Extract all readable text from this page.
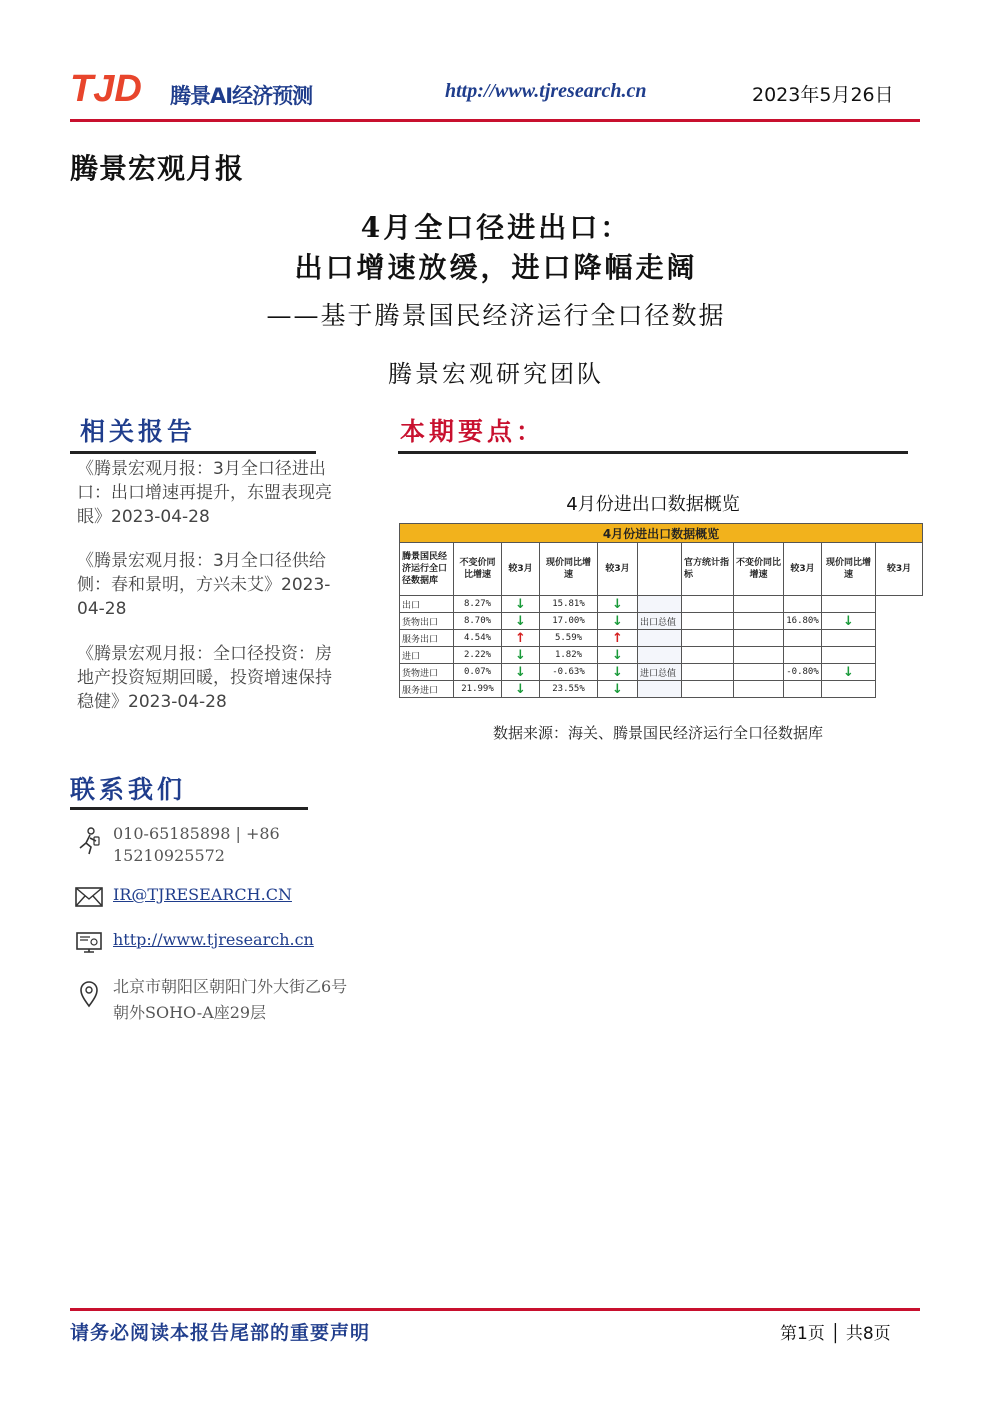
TJD 腾景AI经济预测	http://www.tjresearch.cn	2023年5月26日
腾景宏观月报
4月全口径进出口：
出口增速放缓，进口降幅走阔
——基于腾景国民经济运行全口径数据
腾景宏观研究团队
相关报告
《腾景宏观月报：3月全口径进出口：出口增速再提升，东盟表现亮眼》2023-04-28
《腾景宏观月报：3月全口径供给侧：春和景明，方兴未艾》2023-04-28
《腾景宏观月报：全口径投资：房地产投资短期回暖，投资增速保持稳健》2023-04-28
联系我们
010-65185898 | +86 15210925572
IR@TJRESEARCH.CN
http://www.tjresearch.cn
北京市朝阳区朝阳门外大街乙6号朝外SOHO-A座29层
本期要点：
4月份进出口数据概览
4月份进出口数据概览										
腾景国民经济运行全口径数据库	不变价同比增速	较3月	现价同比增速	较3月		官方统计指标	不变价同比增速	较3月	现价同比增速	较3月
出口	8.27%	↓	15.81%	↓						
货物出口	8.70%	↓	17.00%	↓	出口总值			16.80%	↓	
服务出口	4.54%	↑	5.59%	↑						
进口	2.22%	↓	1.82%	↓						
货物进口	0.07%	↓	-0.63%	↓	进口总值			-0.80%	↓	
服务进口	21.99%	↓	23.55%	↓						
数据来源：海关、腾景国民经济运行全口径数据库
请务必阅读本报告尾部的重要声明	第1页 │ 共8页
